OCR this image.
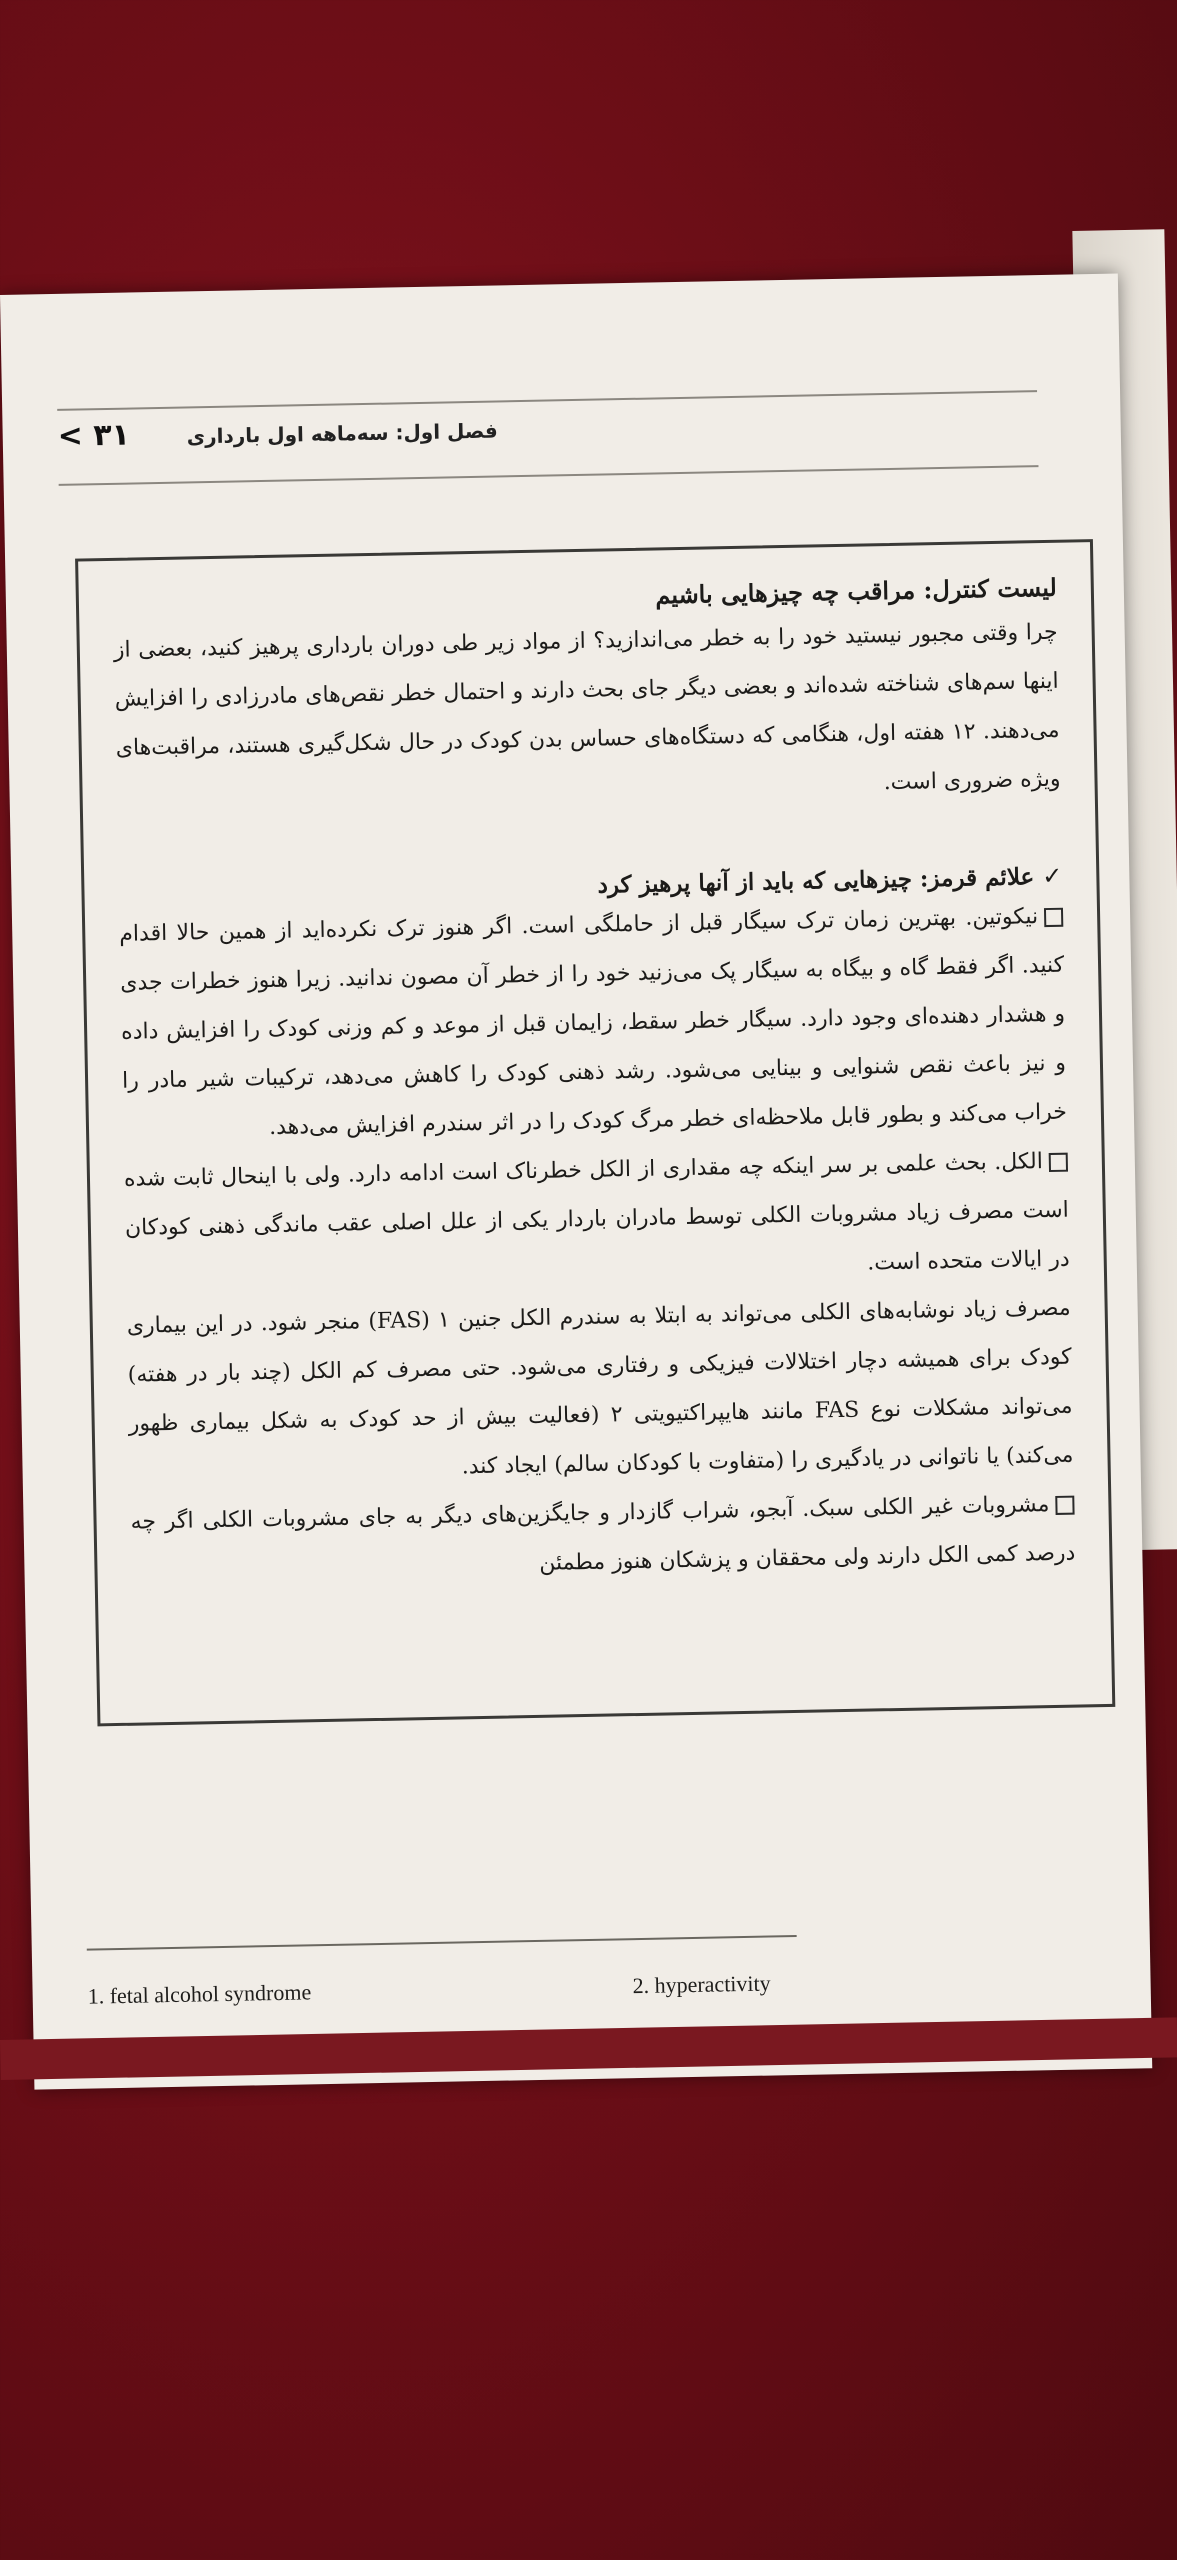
۳۱ >	فصل اول: سه‌ماهه اول بارداری
لیست کنترل: مراقب چه چیزهایی باشیم

چرا وقتی مجبور نیستید خود را به خطر می‌اندازید؟ از مواد زیر طی دوران بارداری پرهیز کنید، بعضی از اینها سم‌های شناخته شده‌اند و بعضی دیگر جای بحث دارند و احتمال خطر نقص‌های مادرزادی را افزایش می‌دهند. ۱۲ هفته اول، هنگامی که دستگاه‌های حساس بدن کودک در حال شکل‌گیری هستند، مراقبت‌های ویژه ضروری است.

✓علائم قرمز: چیزهایی که باید از آنها پرهیز کرد

نیکوتین. بهترین زمان ترک سیگار قبل از حاملگی است. اگر هنوز ترک نکرده‌اید از همین حالا اقدام کنید. اگر فقط گاه و بیگاه به سیگار پک می‌زنید خود را از خطر آن مصون ندانید. زیرا هنوز خطرات جدی و هشدار دهنده‌ای وجود دارد. سیگار خطر سقط، زایمان قبل از موعد و کم وزنی کودک را افزایش داده و نیز باعث نقص شنوایی و بینایی می‌شود. رشد ذهنی کودک را کاهش می‌دهد، ترکیبات شیر مادر را خراب می‌کند و بطور قابل ملاحظه‌ای خطر مرگ کودک را در اثر سندرم افزایش می‌دهد.

الکل. بحث علمی بر سر اینکه چه مقداری از الکل خطرناک است ادامه دارد. ولی با اینحال ثابت شده است مصرف زیاد مشروبات الکلی توسط مادران باردار یکی از علل اصلی عقب ماندگی ذهنی کودکان در ایالات متحده است.

مصرف زیاد نوشابه‌های الکلی می‌تواند به ابتلا به سندرم الکل جنین ۱ (FAS) منجر شود. در این بیماری کودک برای همیشه دچار اختلالات فیزیکی و رفتاری می‌شود. حتی مصرف کم الکل (چند بار در هفته) می‌تواند مشکلات نوع FAS مانند هایپراکتیویتی ۲ (فعالیت بیش از حد کودک به شکل بیماری ظهور می‌کند) یا ناتوانی در یادگیری را (متفاوت با کودکان سالم) ایجاد کند.

مشروبات غیر الکلی سبک. آبجو، شراب گازدار و جایگزین‌های دیگر به جای مشروبات الکلی اگر چه درصد کمی الکل دارند ولی محققان و پزشکان هنوز مطمئن

1. fetal alcohol syndrome	2. hyperactivity
